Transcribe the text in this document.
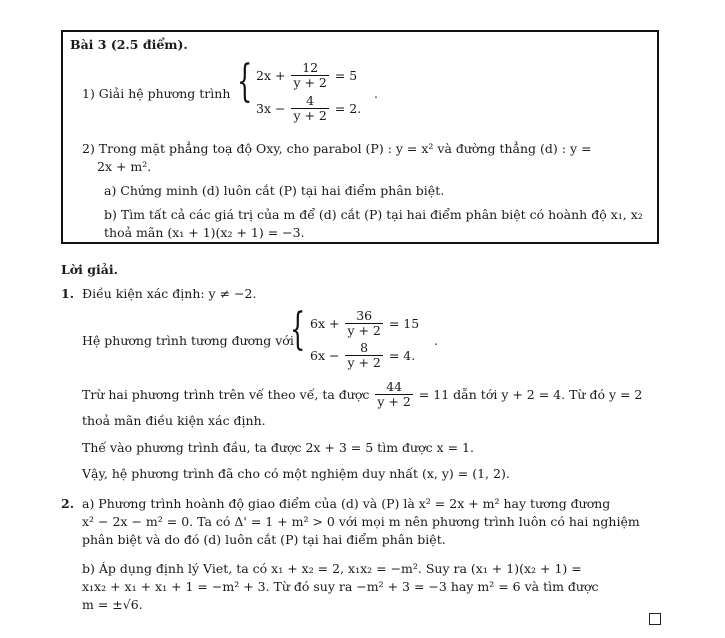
Bài 3 (2.5 điểm).
1) Giải hệ phương trình { $2x + \frac{12}{y + 2} = 5$
$3x - \frac{4}{y + 2} = 2$.
.
2) Trong mặt phẳng toạ độ Oxy, cho parabol (P) : y = x² và đường thẳng (d) : y =
2x + m².
a) Chứng minh (d) luôn cắt (P) tại hai điểm phân biệt.
b) Tìm tất cả các giá trị của m để (d) cắt (P) tại hai điểm phân biệt có hoành độ x₁, x₂
thoả mãn (x₁ + 1)(x₂ + 1) = −3.
Lời giải.
1. Điều kiện xác định: y ≠ −2.
Hệ phương trình tương đương với
{ $6x + \frac{36}{y + 2} = 15$
$6x - \frac{8}{y + 2} = 4$.
.
Trừ hai phương trình trên vế theo vế, ta được $\frac{44}{y + 2} = 11$ dẫn tới y + 2 = 4. Từ đó y = 2
thoả mãn điều kiện xác định.
Thế vào phương trình đầu, ta được 2x + 3 = 5 tìm được x = 1.
Vậy, hệ phương trình đã cho có một nghiệm duy nhất (x, y) = (1, 2).
2. a) Phương trình hoành độ giao điểm của (d) và (P) là x² = 2x + m² hay tương đương
x² − 2x − m² = 0. Ta có Δ' = 1 + m² > 0 với mọi m nên phương trình luôn có hai nghiệm
phân biệt và do đó (d) luôn cắt (P) tại hai điểm phân biệt.
b) Áp dụng định lý Viet, ta có x₁ + x₂ = 2, x₁x₂ = −m². Suy ra (x₁ + 1)(x₂ + 1) =
x₁x₂ + x₁ + x₁ + 1 = −m² + 3. Từ đó suy ra −m² + 3 = −3 hay m² = 6 và tìm được
m = ±√6.
